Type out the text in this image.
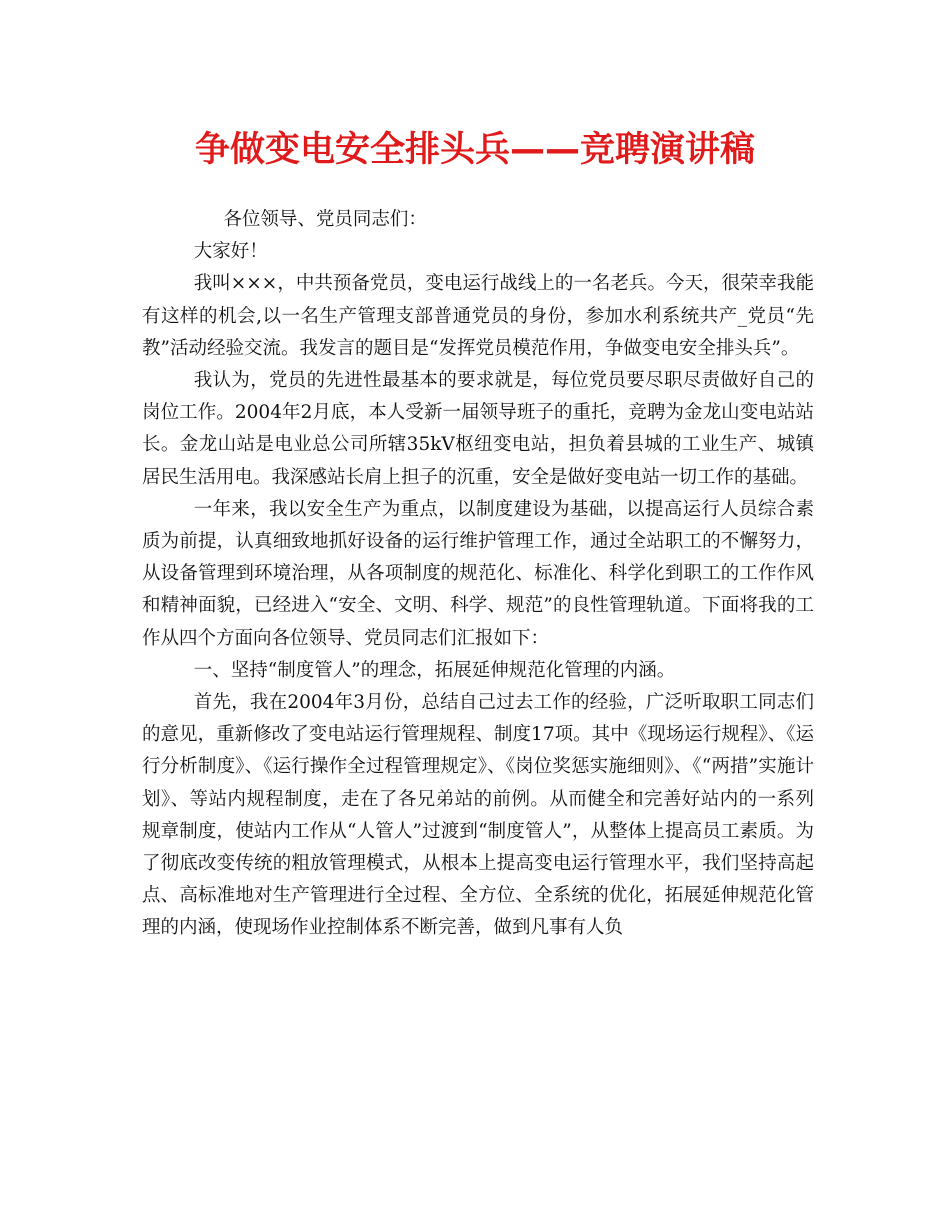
争做变电安全排头兵——竞聘演讲稿

各位领导、党员同志们：

大家好！

我叫×××，中共预备党员，变电运行战线上的一名老兵。今天，很荣幸我能有这样的机会,以一名生产管理支部普通党员的身份，参加水利系统共产_党员“先教”活动经验交流。我发言的题目是“发挥党员模范作用，争做变电安全排头兵”。

我认为，党员的先进性最基本的要求就是，每位党员要尽职尽责做好自己的岗位工作。2004年2月底，本人受新一届领导班子的重托，竞聘为金龙山变电站站长。金龙山站是电业总公司所辖35kV枢纽变电站，担负着县城的工业生产、城镇居民生活用电。我深感站长肩上担子的沉重，安全是做好变电站一切工作的基础。

一年来，我以安全生产为重点，以制度建设为基础，以提高运行人员综合素质为前提，认真细致地抓好设备的运行维护管理工作，通过全站职工的不懈努力，从设备管理到环境治理，从各项制度的规范化、标准化、科学化到职工的工作作风和精神面貌，已经进入“安全、文明、科学、规范”的良性管理轨道。下面将我的工作从四个方面向各位领导、党员同志们汇报如下：

一、坚持“制度管人”的理念，拓展延伸规范化管理的内涵。

首先，我在2004年3月份，总结自己过去工作的经验，广泛听取职工同志们的意见，重新修改了变电站运行管理规程、制度17项。其中《现场运行规程》、《运行分析制度》、《运行操作全过程管理规定》、《岗位奖惩实施细则》、《“两措”实施计划》、等站内规程制度，走在了各兄弟站的前例。从而健全和完善好站内的一系列规章制度，使站内工作从“人管人”过渡到“制度管人”，从整体上提高员工素质。为了彻底改变传统的粗放管理模式，从根本上提高变电运行管理水平，我们坚持高起点、高标准地对生产管理进行全过程、全方位、全系统的优化，拓展延伸规范化管理的内涵，使现场作业控制体系不断完善，做到凡事有人负
